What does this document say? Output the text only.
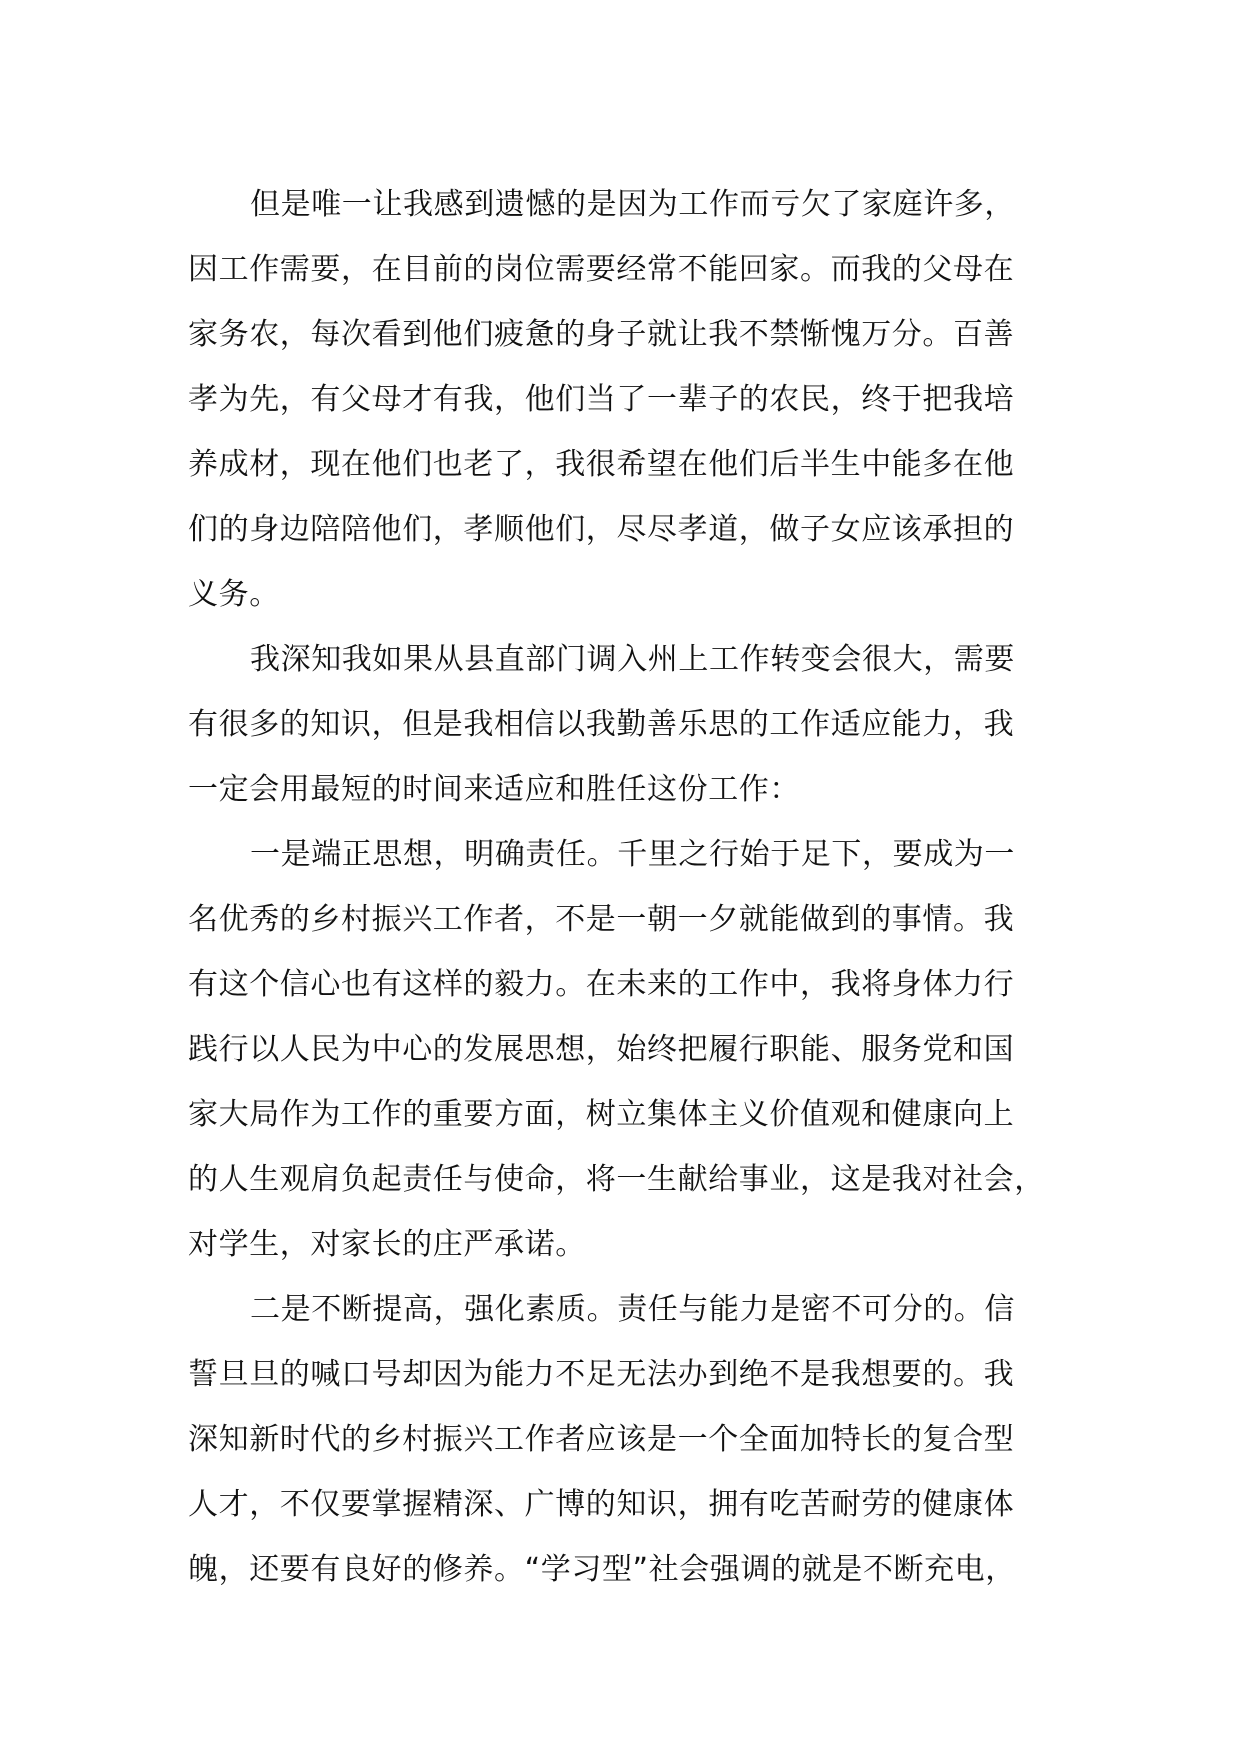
但是唯一让我感到遗憾的是因为工作而亏欠了家庭许多，
因工作需要，在目前的岗位需要经常不能回家。而我的父母在
家务农，每次看到他们疲惫的身子就让我不禁惭愧万分。百善
孝为先，有父母才有我，他们当了一辈子的农民，终于把我培
养成材，现在他们也老了，我很希望在他们后半生中能多在他
们的身边陪陪他们，孝顺他们，尽尽孝道，做子女应该承担的
义务。
我深知我如果从县直部门调入州上工作转变会很大，需要
有很多的知识，但是我相信以我勤善乐思的工作适应能力，我
一定会用最短的时间来适应和胜任这份工作：
一是端正思想，明确责任。千里之行始于足下，要成为一
名优秀的乡村振兴工作者，不是一朝一夕就能做到的事情。我
有这个信心也有这样的毅力。在未来的工作中，我将身体力行
践行以人民为中心的发展思想，始终把履行职能、服务党和国
家大局作为工作的重要方面，树立集体主义价值观和健康向上
的人生观肩负起责任与使命，将一生献给事业，这是我对社会，
对学生，对家长的庄严承诺。
二是不断提高，强化素质。责任与能力是密不可分的。信
誓旦旦的喊口号却因为能力不足无法办到绝不是我想要的。我
深知新时代的乡村振兴工作者应该是一个全面加特长的复合型
人才，不仅要掌握精深、广博的知识，拥有吃苦耐劳的健康体
魄，还要有良好的修养。“学习型”社会强调的就是不断充电，
